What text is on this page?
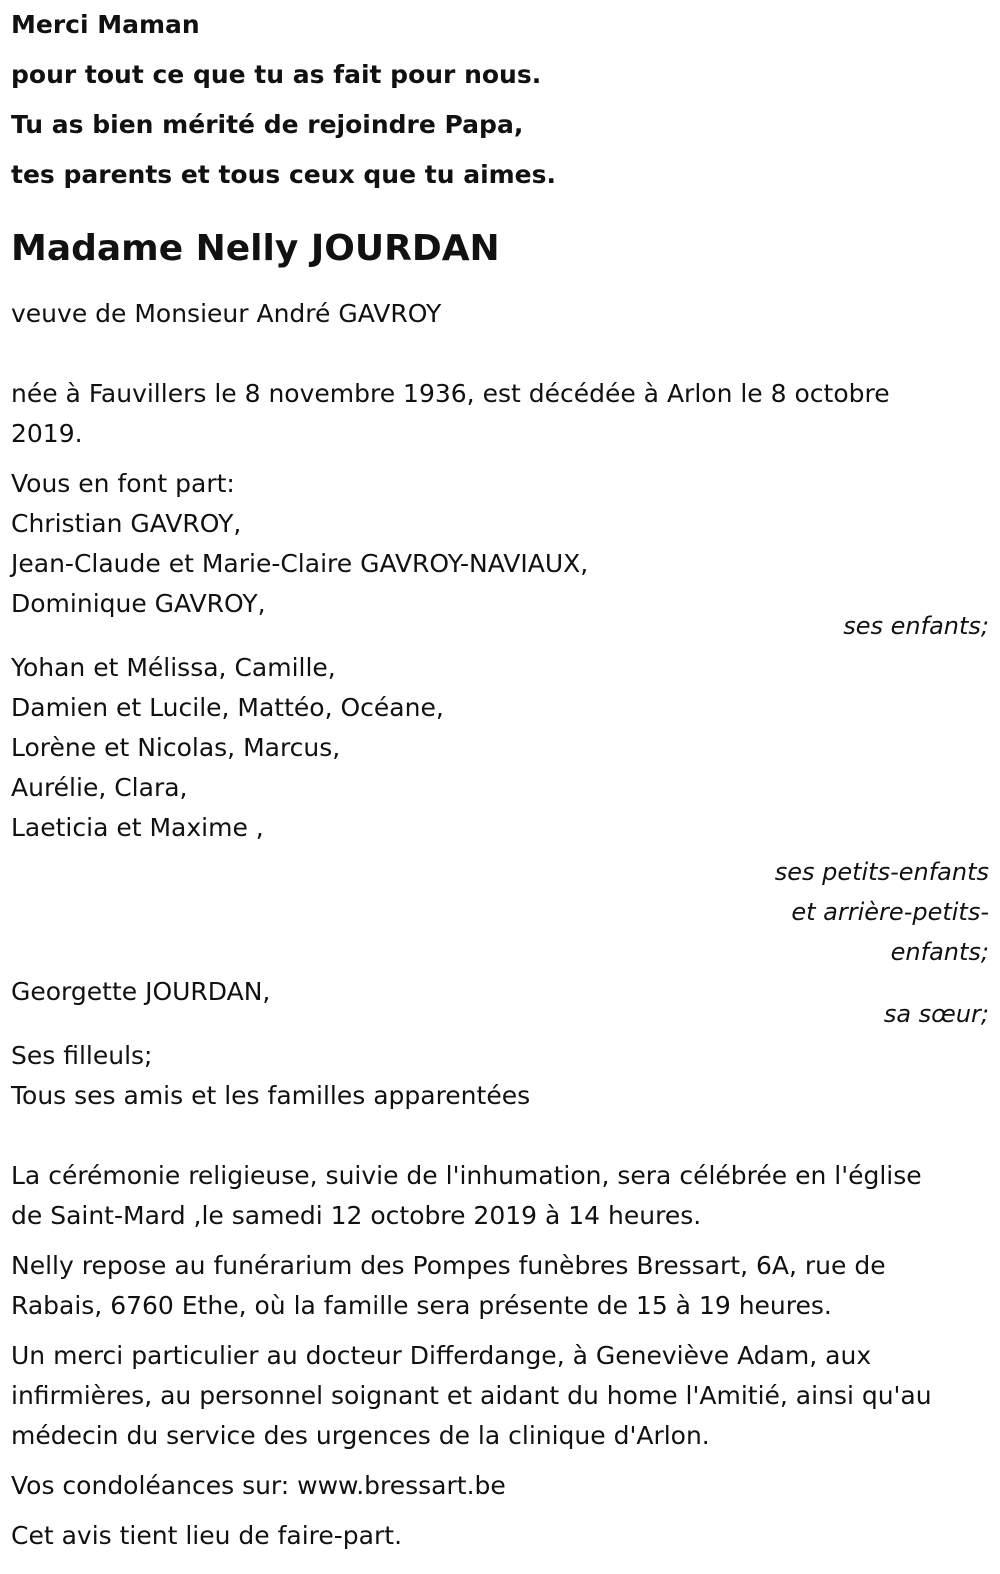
Merci Maman
pour tout ce que tu as fait pour nous.
Tu as bien mérité de rejoindre Papa,
tes parents et tous ceux que tu aimes.
Madame Nelly JOURDAN
veuve de Monsieur André GAVROY
née à Fauvillers le 8 novembre 1936, est décédée à Arlon le 8 octobre 2019.
Vous en font part:
Christian GAVROY,
Jean-Claude et Marie-Claire GAVROY-NAVIAUX,
Dominique GAVROY,
ses enfants;
Yohan et Mélissa, Camille,
Damien et Lucile, Mattéo, Océane,
Lorène et Nicolas, Marcus,
Aurélie, Clara,
Laeticia et Maxime ,
ses petits-enfants
et arrière-petits-
enfants;
Georgette JOURDAN,
sa sœur;
Ses filleuls;
Tous ses amis et les familles apparentées
La cérémonie religieuse, suivie de l'inhumation, sera célébrée en l'église
de Saint-Mard ,le samedi 12 octobre 2019 à 14 heures.
Nelly repose au funérarium des Pompes funèbres Bressart, 6A, rue de
Rabais, 6760 Ethe, où la famille sera présente de 15 à 19 heures.
Un merci particulier au docteur Differdange, à Geneviève Adam, aux
infirmières, au personnel soignant et aidant du home l'Amitié, ainsi qu'au
médecin du service des urgences de la clinique d'Arlon.
Vos condoléances sur: www.bressart.be
Cet avis tient lieu de faire-part.
